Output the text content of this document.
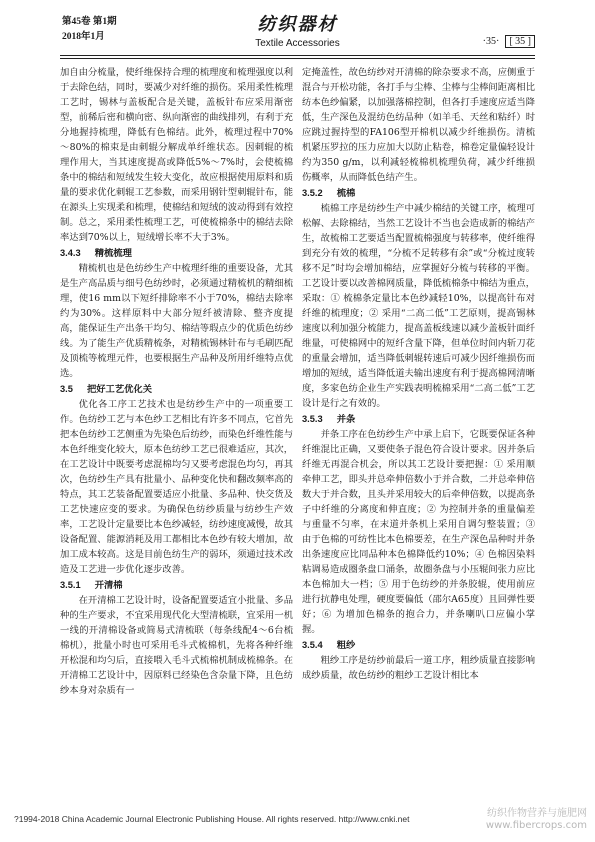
第45卷 第1期
2018年1月
纺织器材
Textile Accessories	·35· [ 35 ]

加自由分梳量，使纤维保持合理的梳理度和梳理强度以利于去除色结，同时，要减少对纤维的损伤。采用柔性梳理工艺时，锡林与盖板配合是关键，盖板针布应采用渐密型，前稀后密和横向密、纵向渐密的曲线排列，有利于充分地握持梳理，降低有色棉结。此外，梳理过程中70%～80%的棉束是由刺辊分解成单纤维状态。因刺辊的梳理作用大，当其速度提高或降低5%～7%时，会使梳棉条中的棉结和短绒发生较大变化，故应根据使用原料和质量的要求优化刺辊工艺参数，而采用钢针型刺辊针布，能在源头上实现柔和梳理，使棉结和短绒的波动得到有效控制。总之，采用柔性梳理工艺，可使梳棉条中的棉结去除率达到70%以上，短绒增长率不大于3%。

3.4.3 精梳梳理

精梳机也是色纺纱生产中梳理纤维的重要设备，尤其是生产高品质与细号色纺纱时，必须通过精梳机的精细梳理，使16 mm以下短纤排除率不小于70%，棉结去除率约为30%。这样原料中大部分短纤被清除、整齐度提高，能保证生产出条干均匀、棉结等瑕点少的优质色纺纱线。为了能生产优质精梳条，对精梳锡林针布与毛刷匹配及顶梳等梳理元件，也要根据生产品种及所用纤维特点优选。

3.5 把好工艺优化关

优化各工序工艺技术也是纺纱生产中的一项重要工作。色纺纱工艺与本色纱工艺相比有许多不同点，它首先把本色纺纱工艺侧重为先染色后纺纱，而染色纤维性能与本色纤维变化较大，原本色纺纱工艺已很难适应，其次，在工艺设计中既要考虑混棉均匀又要考虑混色均匀，再其次，色纺纱生产具有批量小、品种变化快和翻改频率高的特点，其工艺装备配置要适应小批量、多品种、快交货及工艺快速应变的要求。为确保色纺纱质量与纺纱生产效率，工艺设计定量要比本色纱减轻，纺纱速度减慢，故其设备配置、能源消耗及用工都相比本色纱有较大增加，故加工成本较高。这是目前色纺生产的弱环，须通过技术改造及工艺进一步优化逐步改善。

3.5.1 开清棉

在开清棉工艺设计时，设备配置要适宜小批量、多品种的生产要求，不宜采用现代化大型清梳联，宜采用一机一线的开清棉设备或简易式清梳联（每条线配4～6台梳棉机），批量小时也可采用毛斗式梳棉机，先将各种纤维开松混和均匀后，直接喂入毛斗式梳棉机制成梳棉条。在开清棉工艺设计中，因原料已经染色含杂量下降，且色纺纱本身对杂质有一

定掩盖性，故色纺纱对开清棉的除杂要求不高，应侧重于混合与开松功能，各打手与尘棒、尘棒与尘棒间距离相比纺本色纱偏紧，以加强落棉控制，但各打手速度应适当降低，生产深色及混纺色纺品种（如羊毛、天丝和粘纤）时应跳过握持型的FA106型开棉机以减少纤维损伤。清梳机紧压罗拉的压力应加大以防止粘卷，棉卷定量偏轻设计约为350 g/m，以利减轻梳棉机梳理负荷，减少纤维损伤概率，从而降低色结产生。

3.5.2 梳棉

梳棉工序是纺纱生产中减少棉结的关键工序，梳理可松解、去除棉结，当然工艺设计不当也会造成新的棉结产生，故梳棉工艺要适当配置梳棉强度与转移率，使纤维得到充分有效的梳理，“分梳不足转移有余”或“分梳过度转移不足”时均会增加棉结，应掌握好分梳与转移的平衡。工艺设计要以改善棉网质量，降低梳棉条中棉结为重点，采取：① 梳棉条定量比本色纱减轻10%，以提高针布对纤维的梳理度；② 采用“二高二低”工艺原则，提高锡林速度以利加强分梳能力，提高盖板线速以减少盖板针面纤维量，可使棉网中的短纤含量下降，但单位时间内斩刀花的重量会增加，适当降低刺辊转速后可减少因纤维损伤而增加的短绒，适当降低道夫输出速度有利于提高棉网清晰度，多家色纺企业生产实践表明梳棉采用“二高二低”工艺设计是行之有效的。

3.5.3 并条

并条工序在色纺纱生产中承上启下，它既要保证各种纤维混比正确，又要使条子混色符合设计要求。因并条后纤维无再混合机会，所以其工艺设计要把握：① 采用顺牵伸工艺，即头并总牵伸倍数小于并合数，二并总牵伸倍数大于并合数，且头并采用较大的后牵伸倍数，以提高条子中纤维的分离度和伸直度；② 为控制并条的重量偏差与重量不匀率，在末道并条机上采用自调匀整装置；③ 由于色棉的可纺性比本色棉要差，在生产深色品种时并条出条速度应比同品种本色棉降低约10%；④ 色棉因染料粘调易造成圈条盘口涌条，故圈条盘与小压辊间张力应比本色棉加大一档；⑤ 用于色纺纱的并条胶辊，使用前应进行抗静电处理，硬度要偏低（邵尔A65度）且回弹性要好；⑥ 为增加色棉条的抱合力，并条喇叭口应偏小掌握。

3.5.4 粗纱

粗纱工序是纺纱前最后一道工序，粗纱质量直接影响成纱质量，故色纺纱的粗纱工艺设计相比本

?1994-2018 China Academic Journal Electronic Publishing House. All rights reserved. http://www.cnki.net	纺织作物营养与施肥网
www.fibercrops.com
